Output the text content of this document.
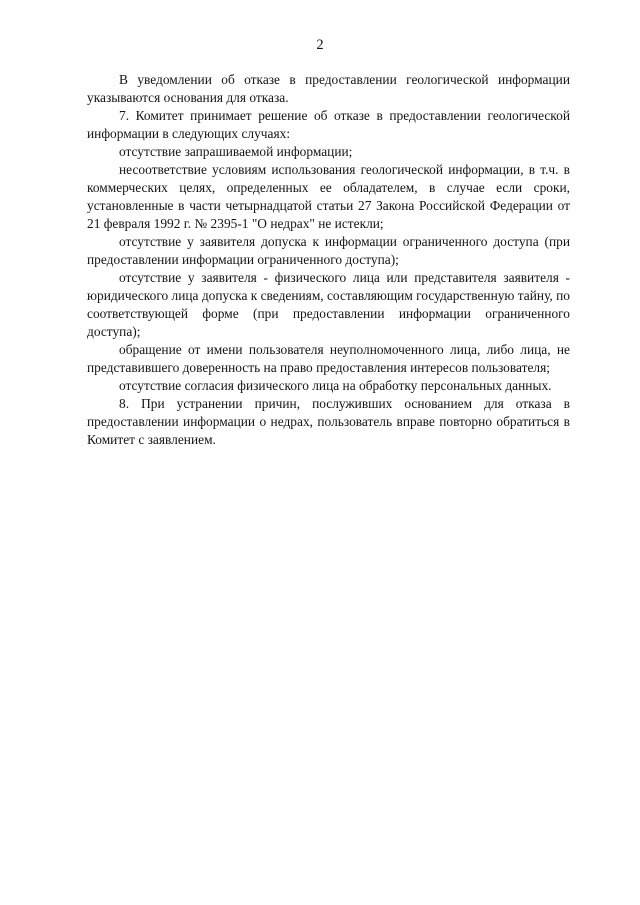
2

В уведомлении об отказе в предоставлении геологической информации указываются основания для отказа.

7. Комитет принимает решение об отказе в предоставлении геологической информации в следующих случаях:

отсутствие запрашиваемой информации;

несоответствие условиям использования геологической информации, в т.ч. в коммерческих целях, определенных ее обладателем, в случае если сроки, установленные в части четырнадцатой статьи 27 Закона Российской Федерации от 21 февраля 1992 г. № 2395-1 "О недрах" не истекли;

отсутствие у заявителя допуска к информации ограниченного доступа (при предоставлении информации ограниченного доступа);

отсутствие у заявителя - физического лица или представителя заявителя - юридического лица допуска к сведениям, составляющим государственную тайну, по соответствующей форме (при предоставлении информации ограниченного доступа);

обращение от имени пользователя неуполномоченного лица, либо лица, не представившего доверенность на право предоставления интересов пользователя;

отсутствие согласия физического лица на обработку персональных данных.

8. При устранении причин, послуживших основанием для отказа в предоставлении информации о недрах, пользователь вправе повторно обратиться в Комитет с заявлением.
